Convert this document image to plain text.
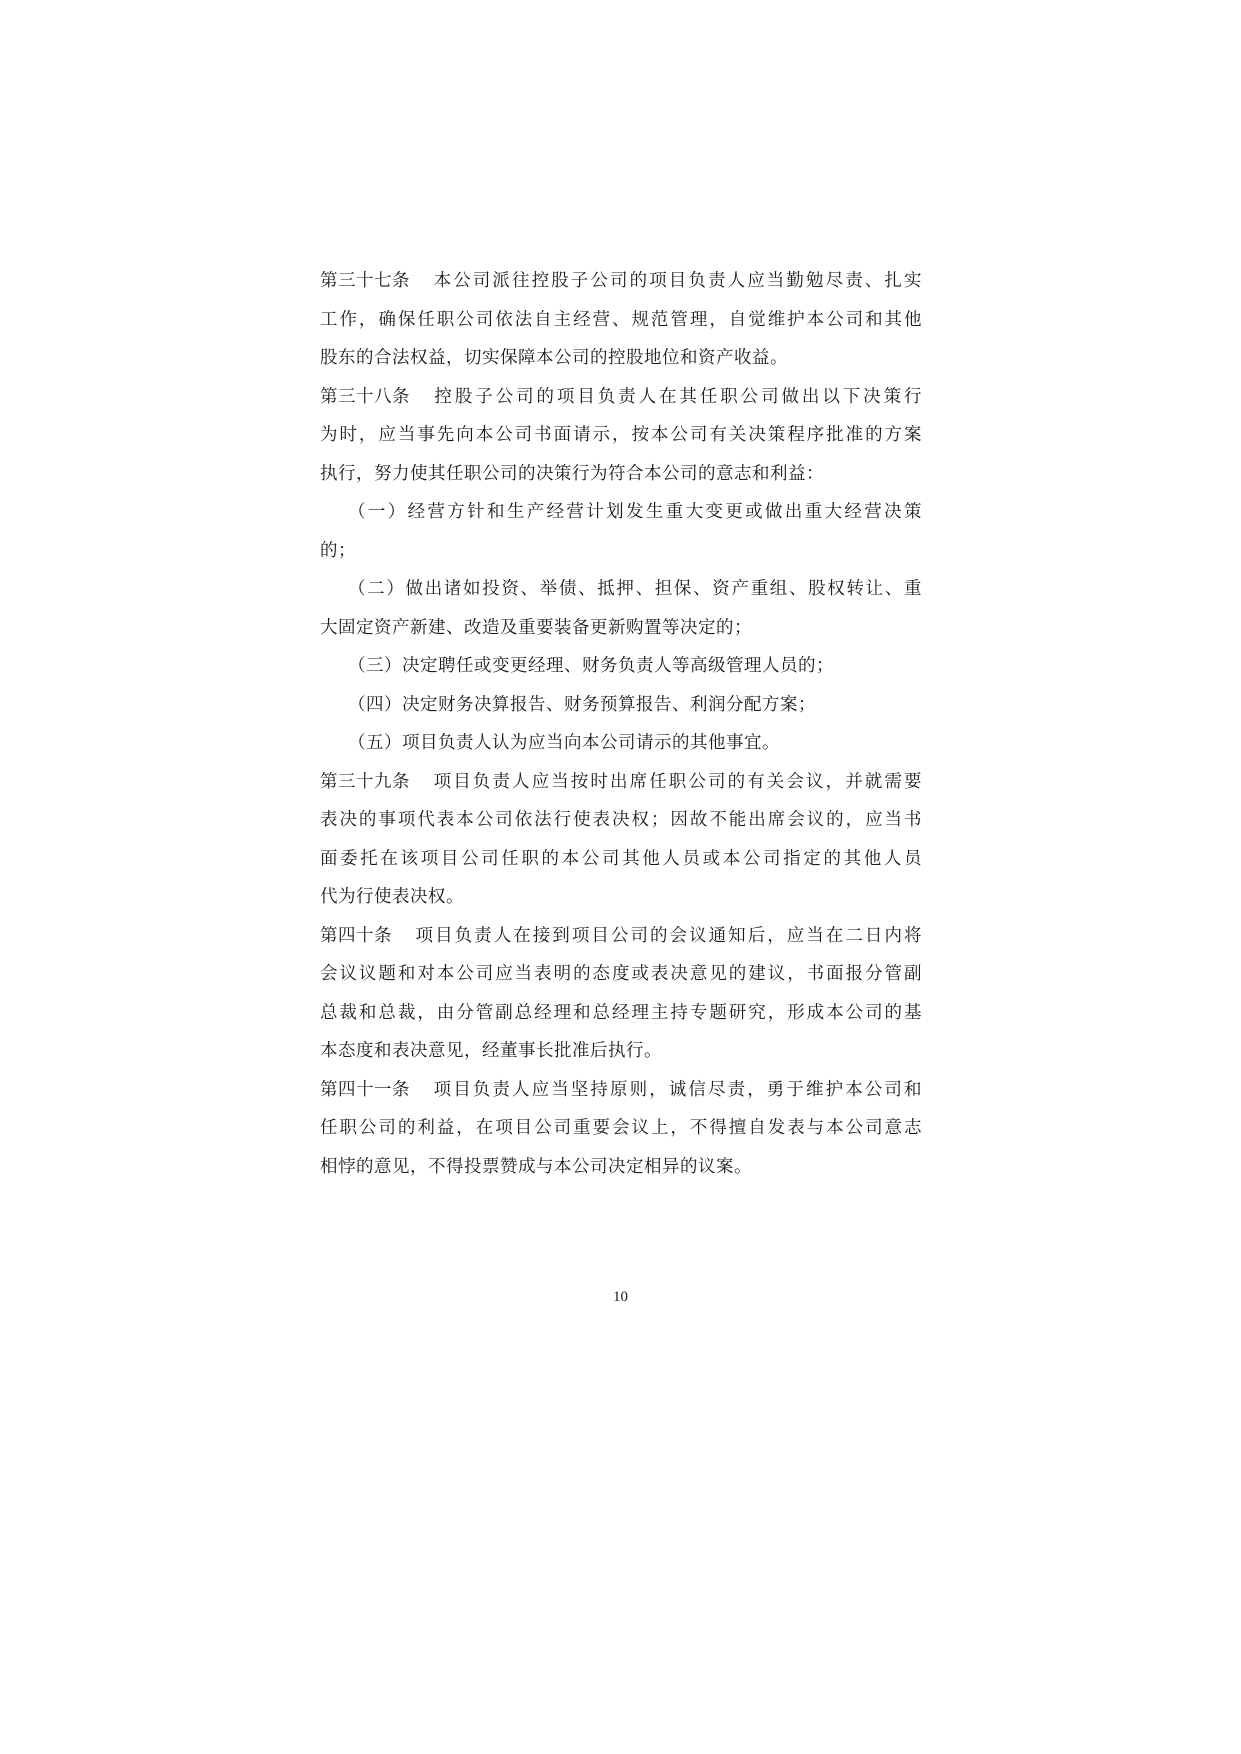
第三十七条 本公司派往控股子公司的项目负责人应当勤勉尽责、扎实
工作，确保任职公司依法自主经营、规范管理，自觉维护本公司和其他
股东的合法权益，切实保障本公司的控股地位和资产收益。
第三十八条 控股子公司的项目负责人在其任职公司做出以下决策行
为时，应当事先向本公司书面请示，按本公司有关决策程序批准的方案
执行，努力使其任职公司的决策行为符合本公司的意志和利益：
（一）经营方针和生产经营计划发生重大变更或做出重大经营决策
的；
（二）做出诸如投资、举债、抵押、担保、资产重组、股权转让、重
大固定资产新建、改造及重要装备更新购置等决定的；
（三）决定聘任或变更经理、财务负责人等高级管理人员的；
（四）决定财务决算报告、财务预算报告、利润分配方案；
（五）项目负责人认为应当向本公司请示的其他事宜。
第三十九条 项目负责人应当按时出席任职公司的有关会议，并就需要
表决的事项代表本公司依法行使表决权；因故不能出席会议的，应当书
面委托在该项目公司任职的本公司其他人员或本公司指定的其他人员
代为行使表决权。
第四十条 项目负责人在接到项目公司的会议通知后，应当在二日内将
会议议题和对本公司应当表明的态度或表决意见的建议，书面报分管副
总裁和总裁，由分管副总经理和总经理主持专题研究，形成本公司的基
本态度和表决意见，经董事长批准后执行。
第四十一条 项目负责人应当坚持原则，诚信尽责，勇于维护本公司和
任职公司的利益，在项目公司重要会议上，不得擅自发表与本公司意志
相悖的意见，不得投票赞成与本公司决定相异的议案。
10
